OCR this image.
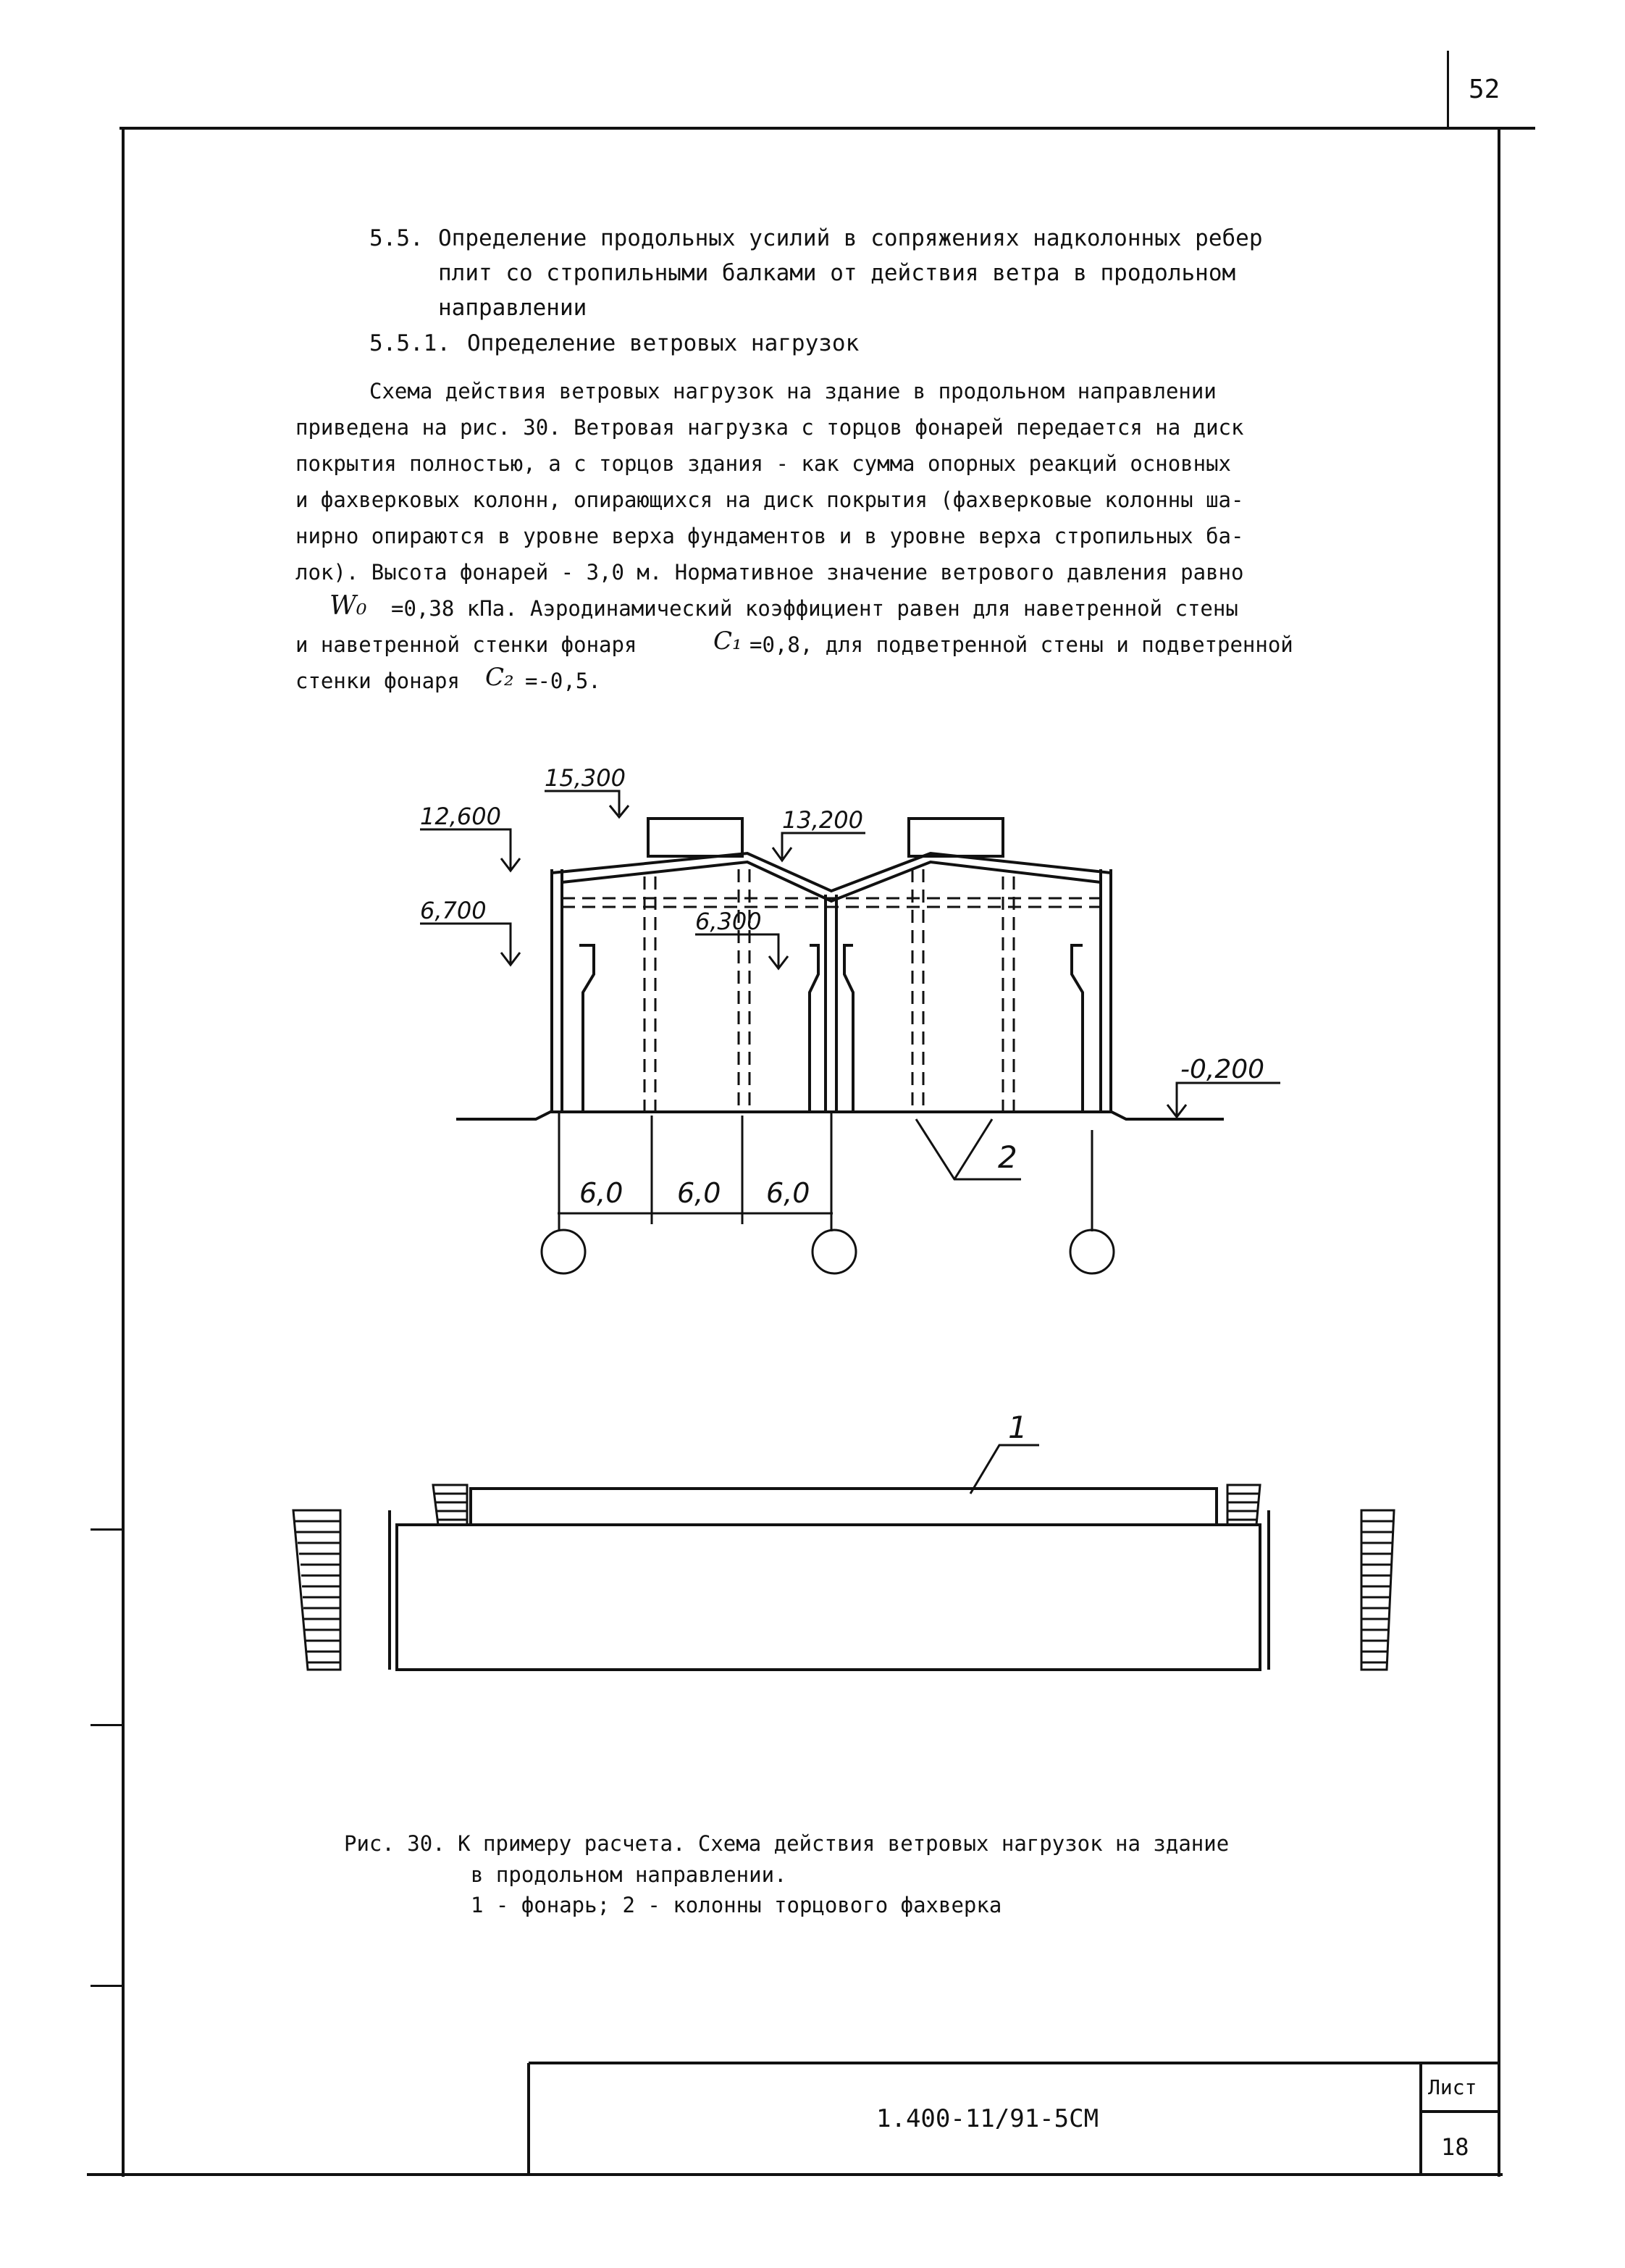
52
5.5. Определение продольных усилий в сопряжениях надколонных ребер
плит со стропильными балками от действия ветра в продольном
направлении
5.5.1. Определение ветровых нагрузок
Схема действия ветровых нагрузок на здание в продольном направлении
приведена на рис. 30. Ветровая нагрузка с торцов фонарей передается на диск
покрытия полностью, а с торцов здания - как сумма опорных реакций основных
и фахверковых колонн, опирающихся на диск покрытия (фахверковые колонны ша-
нирно опираются в уровне верха фундаментов и в уровне верха стропильных ба-
лок). Высота фонарей - 3,0 м. Нормативное значение ветрового давления равно
W₀ =0,38 кПа. Аэродинамический коэффициент равен для наветренной стены
и наветренной стенки фонаря	C₁ =0,8, для подветренной стены и подветренной
стенки фонаря C₂ =-0,5.
15,300
12,600	13,200
6,700	6,300
-0,200
6,0 6,0 6,0
2
1
Рис. 30. К примеру расчета. Схема действия ветровых нагрузок на здание
в продольном направлении.
1 - фонарь; 2 - колонны торцового фахверка
1.400-11/91-5СМ
Лист
18
